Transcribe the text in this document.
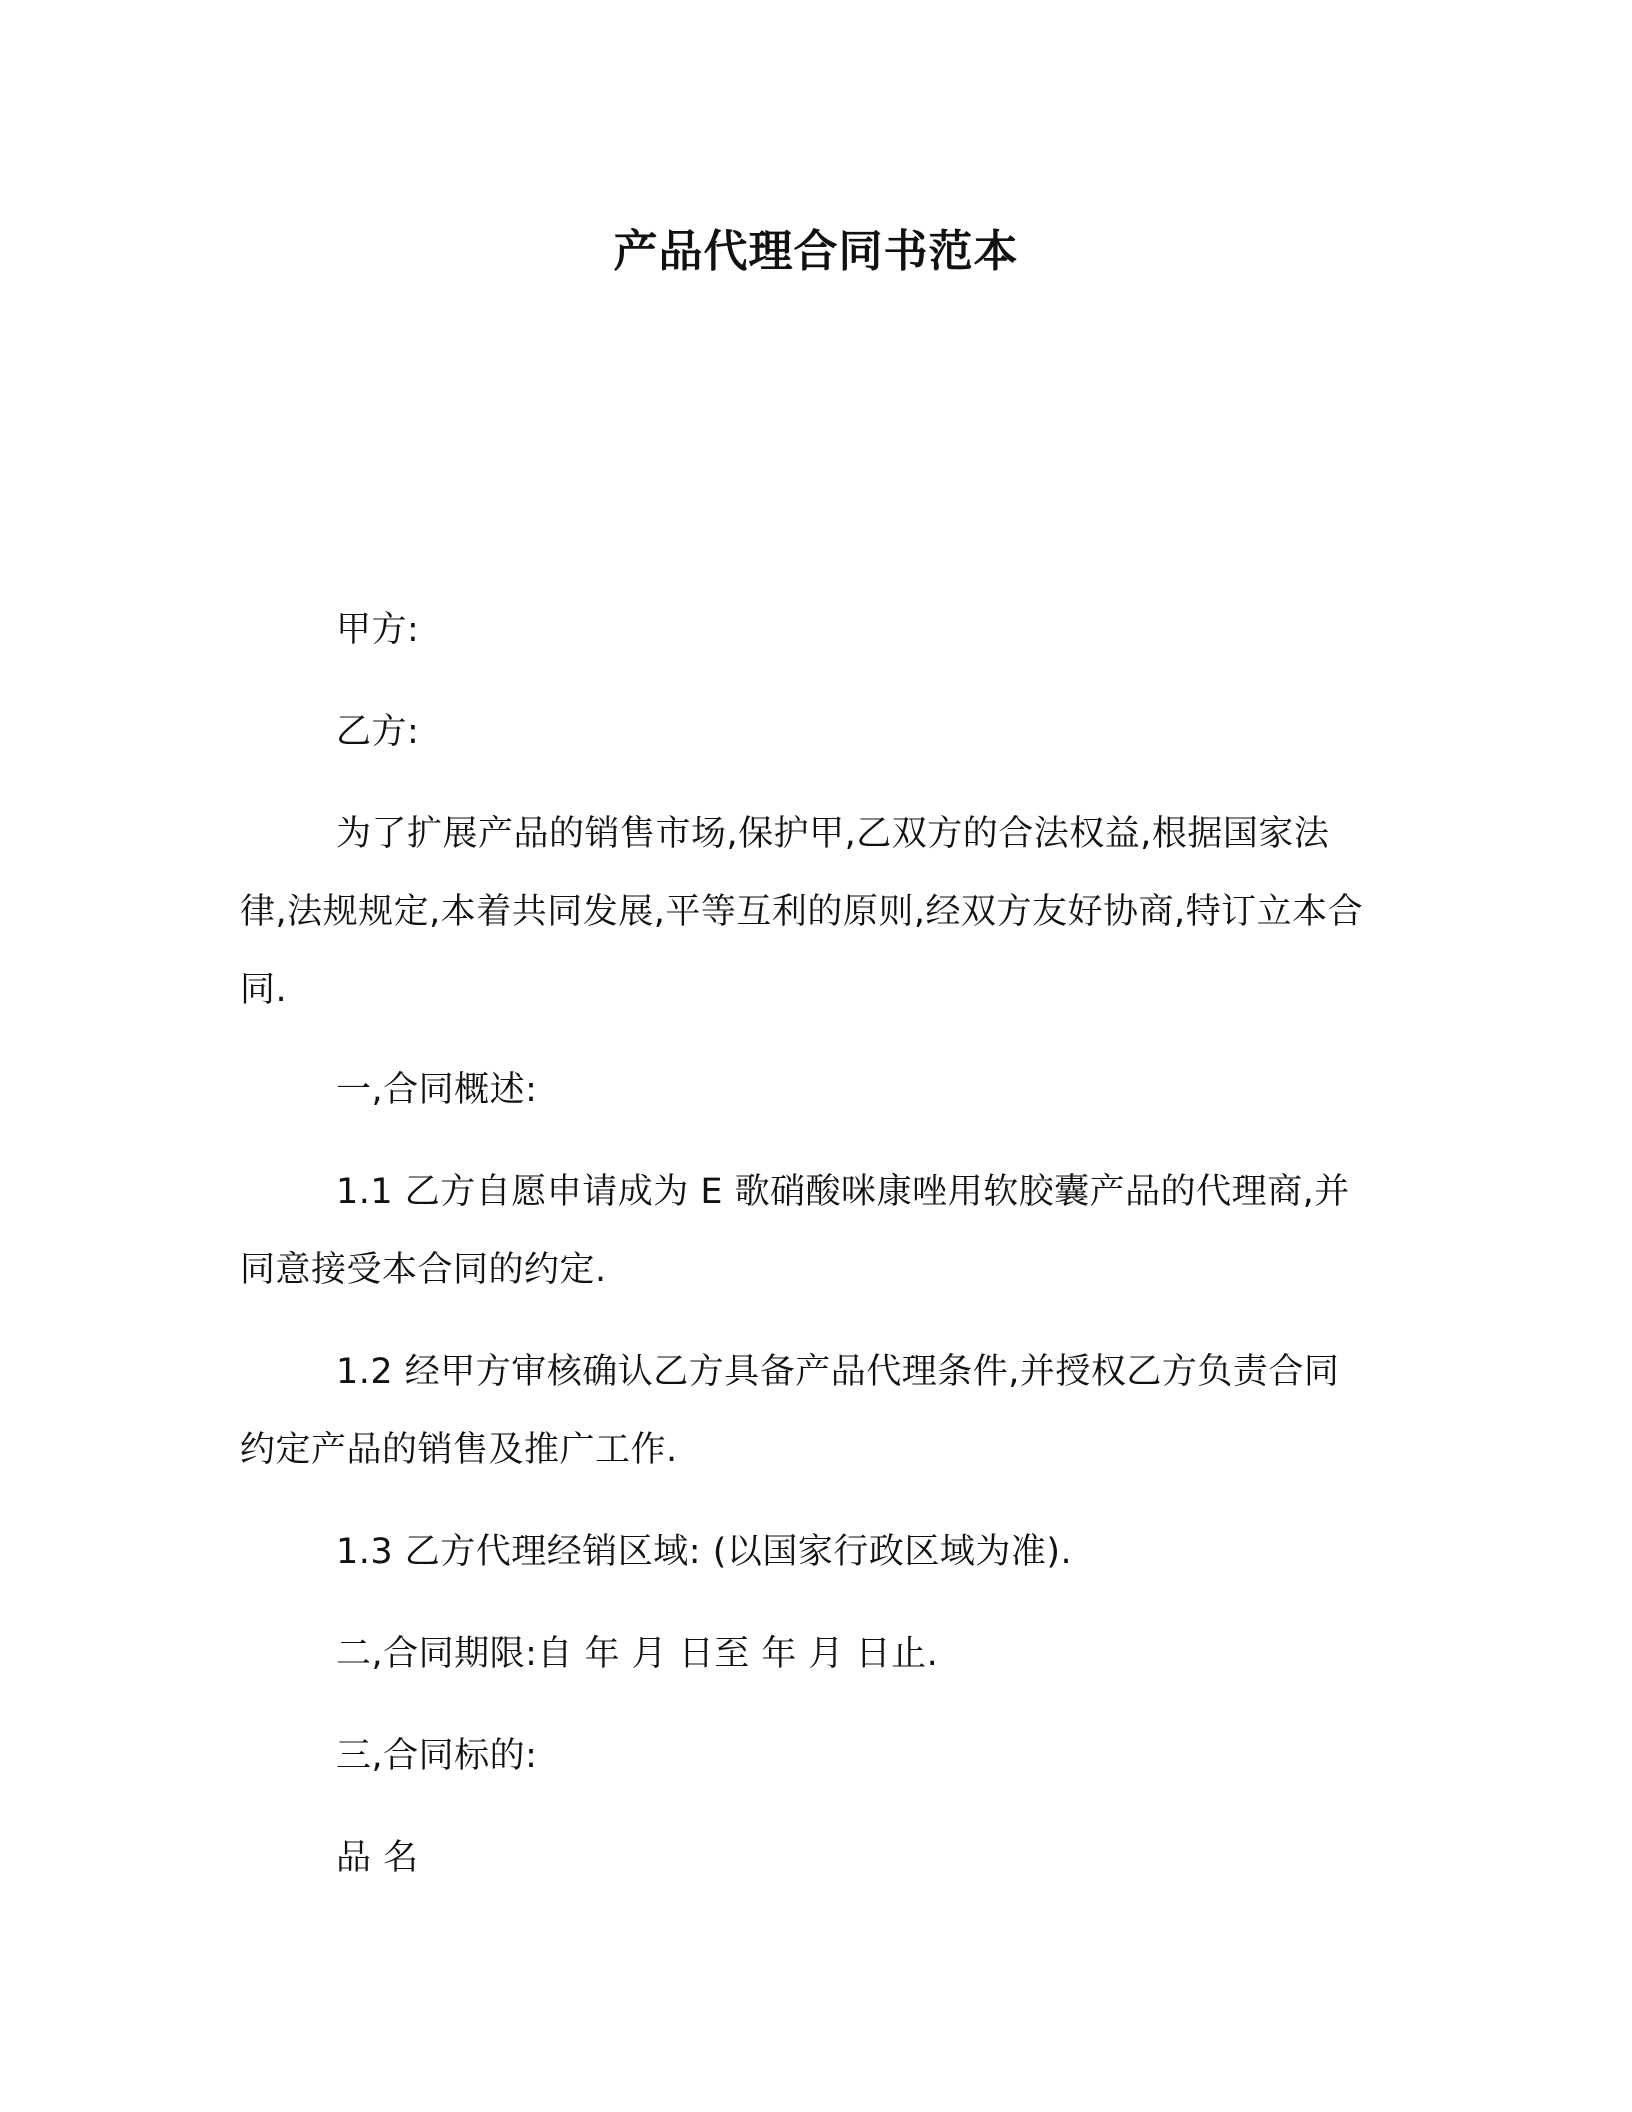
产品代理合同书范本

甲方:

乙方:

为了扩展产品的销售市场,保护甲,乙双方的合法权益,根据国家法律,法规规定,本着共同发展,平等互利的原则,经双方友好协商,特订立本合同.

一,合同概述:

1.1 乙方自愿申请成为 E 歌硝酸咪康唑用软胶囊产品的代理商,并同意接受本合同的约定.

1.2 经甲方审核确认乙方具备产品代理条件,并授权乙方负责合同约定产品的销售及推广工作.

1.3 乙方代理经销区域: (以国家行政区域为准).

二,合同期限:自 年 月 日至 年 月 日止.

三,合同标的:

品 名
